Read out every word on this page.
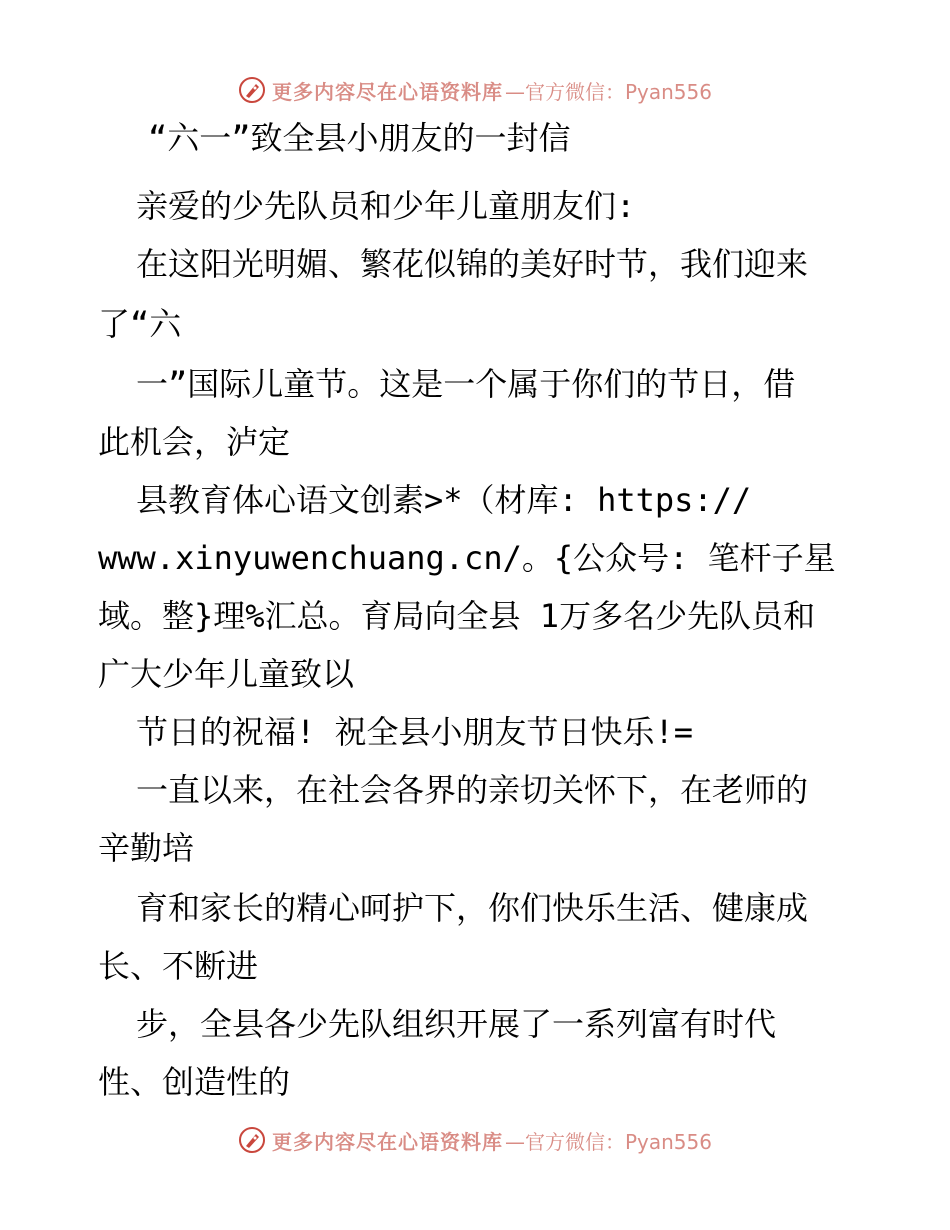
更多内容尽在心语资料库 —官方微信：Pyan556
“六一”致全县小朋友的一封信
亲爱的少先队员和少年儿童朋友们:
在这阳光明媚、繁花似锦的美好时节，我们迎来
了“六
一”国际儿童节。这是一个属于你们的节日，借
此机会，泸定
县教育体心语文创素>*（材库: https://
www.xinyuwenchuang.cn/。{公众号: 笔杆子星
域。整}理%汇总。育局向全县 1万多名少先队员和
广大少年儿童致以
节日的祝福! 祝全县小朋友节日快乐!=
一直以来，在社会各界的亲切关怀下，在老师的
辛勤培
育和家长的精心呵护下，你们快乐生活、健康成
长、不断进
步，全县各少先队组织开展了一系列富有时代
性、创造性的
更多内容尽在心语资料库 —官方微信：Pyan556
